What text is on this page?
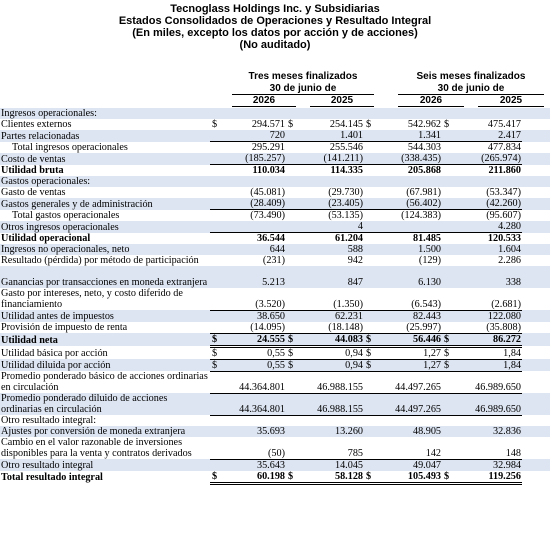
Tecnoglass Holdings Inc. y Subsidiarias
Estados Consolidados de Operaciones y Resultado Integral
(En miles, excepto los datos por acción y de acciones)
(No auditado)
Tres meses finalizados
30 de junio de
2026	2025
Seis meses finalizados
30 de junio de
2026	2025
Ingresos operacionales:									
Clientes externos	$	294.571	$	254.145	$	542.962	$	475.417	
Partes relacionadas		720		1.401		1.341		2.417	
Total ingresos operacionales		295.291		255.546		544.303		477.834	
Costo de ventas		(185.257)		(141.211)		(338.435)		(265.974)	
Utilidad bruta		110.034		114.335		205.868		211.860	
Gastos operacionales:									
Gasto de ventas		(45.081)		(29.730)		(67.981)		(53.347)	
Gastos generales y de administración		(28.409)		(23.405)		(56.402)		(42.260)	
Total gastos operacionales		(73.490)		(53.135)		(124.383)		(95.607)	
Otros ingresos operacionales				4				4.280	
Utilidad operacional		36.544		61.204		81.485		120.533	
Ingresos no operacionales, neto		644		588		1.500		1.604	
Resultado (pérdida) por método de participación		(231)		942		(129)		2.286	
Ganancias por transacciones en moneda extranjera		5.213		847		6.130		338	
Gasto por intereses, neto, y costo diferido de financiamiento		(3.520)		(1.350)		(6.543)		(2.681)	
Utilidad antes de impuestos		38.650		62.231		82.443		122.080	
Provisión de impuesto de renta		(14.095)		(18.148)		(25.997)		(35.808)	
Utilidad neta	$	24.555	$	44.083	$	56.446	$	86.272	
Utilidad básica por acción	$	0,55	$	0,94	$	1,27	$	1,84	
Utilidad diluida por acción	$	0,55	$	0,94	$	1,27	$	1,84	
Promedio ponderado básico de acciones ordinarias en circulación		44.364.801		46.988.155		44.497.265		46.989.650	
Promedio ponderado diluido de acciones ordinarias en circulación		44.364.801		46.988.155		44.497.265		46.989.650	
Otro resultado integral:									
Ajustes por conversión de moneda extranjera		35.693		13.260		48.905		32.836	
Cambio en el valor razonable de inversiones disponibles para la venta y contratos derivados		(50)		785		142		148	
Otro resultado integral		35.643		14.045		49.047		32.984	
Total resultado integral	$	60.198	$	58.128	$	105.493	$	119.256	
